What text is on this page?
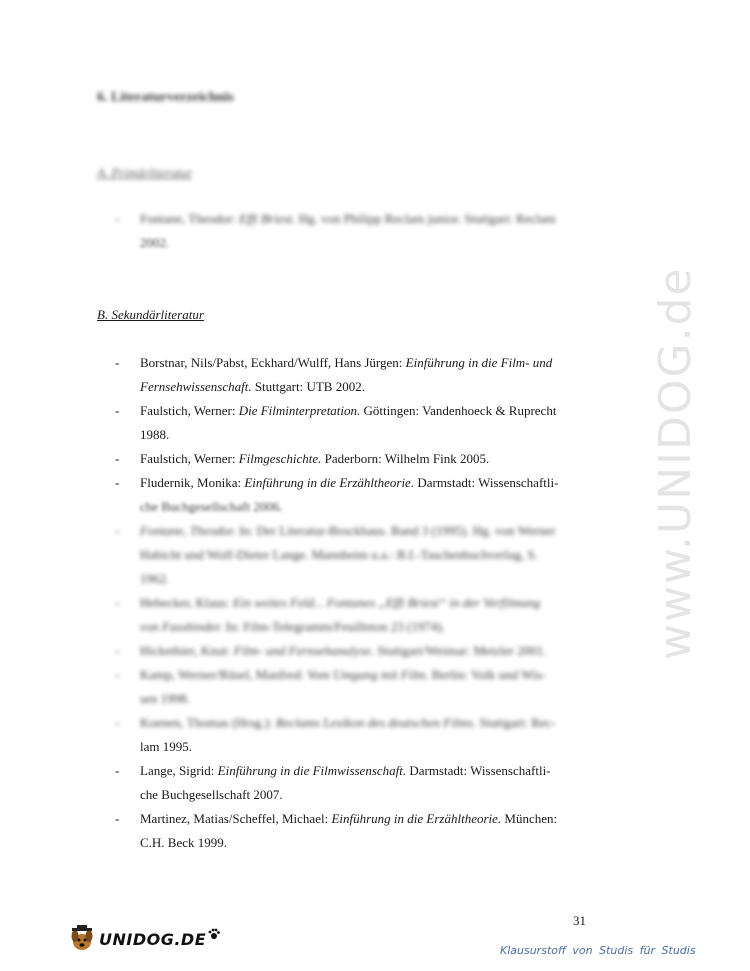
www.UNIDOG.de
6. Literaturverzeichnis
A. Primärliteratur
- Fontane, Theodor: Effi Briest. Hg. von Philipp Reclam junior. Stuttgart: Reclam
2002.
B. Sekundärliteratur
- Borstnar, Nils/Pabst, Eckhard/Wulff, Hans Jürgen: Einführung in die Film- und
Fernsehwissenschaft. Stuttgart: UTB 2002.
- Faulstich, Werner: Die Filminterpretation. Göttingen: Vandenhoeck & Ruprecht
1988.
- Faulstich, Werner: Filmgeschichte. Paderborn: Wilhelm Fink 2005.
- Fludernik, Monika: Einführung in die Erzähltheorie. Darmstadt: Wissenschaftli-
che Buchgesellschaft 2006.
- Fontane, Theodor. In: Der Literatur-Brockhaus. Band 3 (1995). Hg. von Werner
Habicht und Wolf-Dieter Lange. Mannheim u.a.: B.I.-Taschenbuchverlag, S.
1962.
- Hebecker, Klaus: Ein weites Feld... Fontanes „Effi Briest“ in der Verfilmung
von Fassbinder. In: Film-Telegramm/Feuilleton 23 (1974).
- Hickethier, Knut: Film- und Fernsehanalyse. Stuttgart/Weimar: Metzler 2001.
- Kamp, Werner/Rüsel, Manfred: Vom Umgang mit Film. Berlin: Volk und Wis-
sen 1998.
- Koenen, Thomas (Hrsg.): Reclams Lexikon des deutschen Films. Stuttgart: Rec-
lam 1995.
- Lange, Sigrid: Einführung in die Filmwissenschaft. Darmstadt: Wissenschaftli-
che Buchgesellschaft 2007.
- Martinez, Matias/Scheffel, Michael: Einführung in die Erzähltheorie. München:
C.H. Beck 1999.
31
UNIDOG.DE
Klausurstoff von Studis für Studis
